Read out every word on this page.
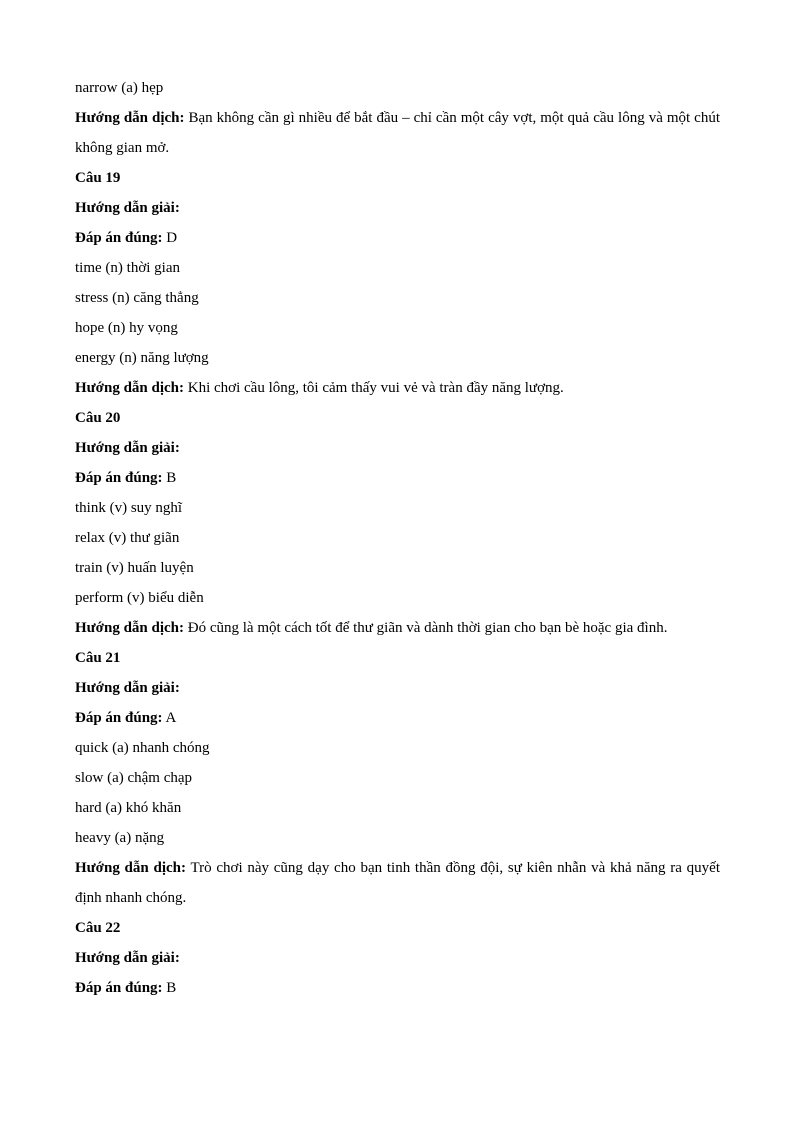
narrow (a) hẹp
Hướng dẫn dịch: Bạn không cần gì nhiều để bắt đầu – chỉ cần một cây vợt, một quả cầu lông và một chút không gian mở.
Câu 19
Hướng dẫn giải:
Đáp án đúng: D
time (n) thời gian
stress (n) căng thẳng
hope (n) hy vọng
energy (n) năng lượng
Hướng dẫn dịch: Khi chơi cầu lông, tôi cảm thấy vui vẻ và tràn đầy năng lượng.
Câu 20
Hướng dẫn giải:
Đáp án đúng: B
think (v) suy nghĩ
relax (v) thư giãn
train (v) huấn luyện
perform (v) biểu diễn
Hướng dẫn dịch: Đó cũng là một cách tốt để thư giãn và dành thời gian cho bạn bè hoặc gia đình.
Câu 21
Hướng dẫn giải:
Đáp án đúng: A
quick (a) nhanh chóng
slow (a) chậm chạp
hard (a) khó khăn
heavy (a) nặng
Hướng dẫn dịch: Trò chơi này cũng dạy cho bạn tinh thần đồng đội, sự kiên nhẫn và khả năng ra quyết định nhanh chóng.
Câu 22
Hướng dẫn giải:
Đáp án đúng: B
